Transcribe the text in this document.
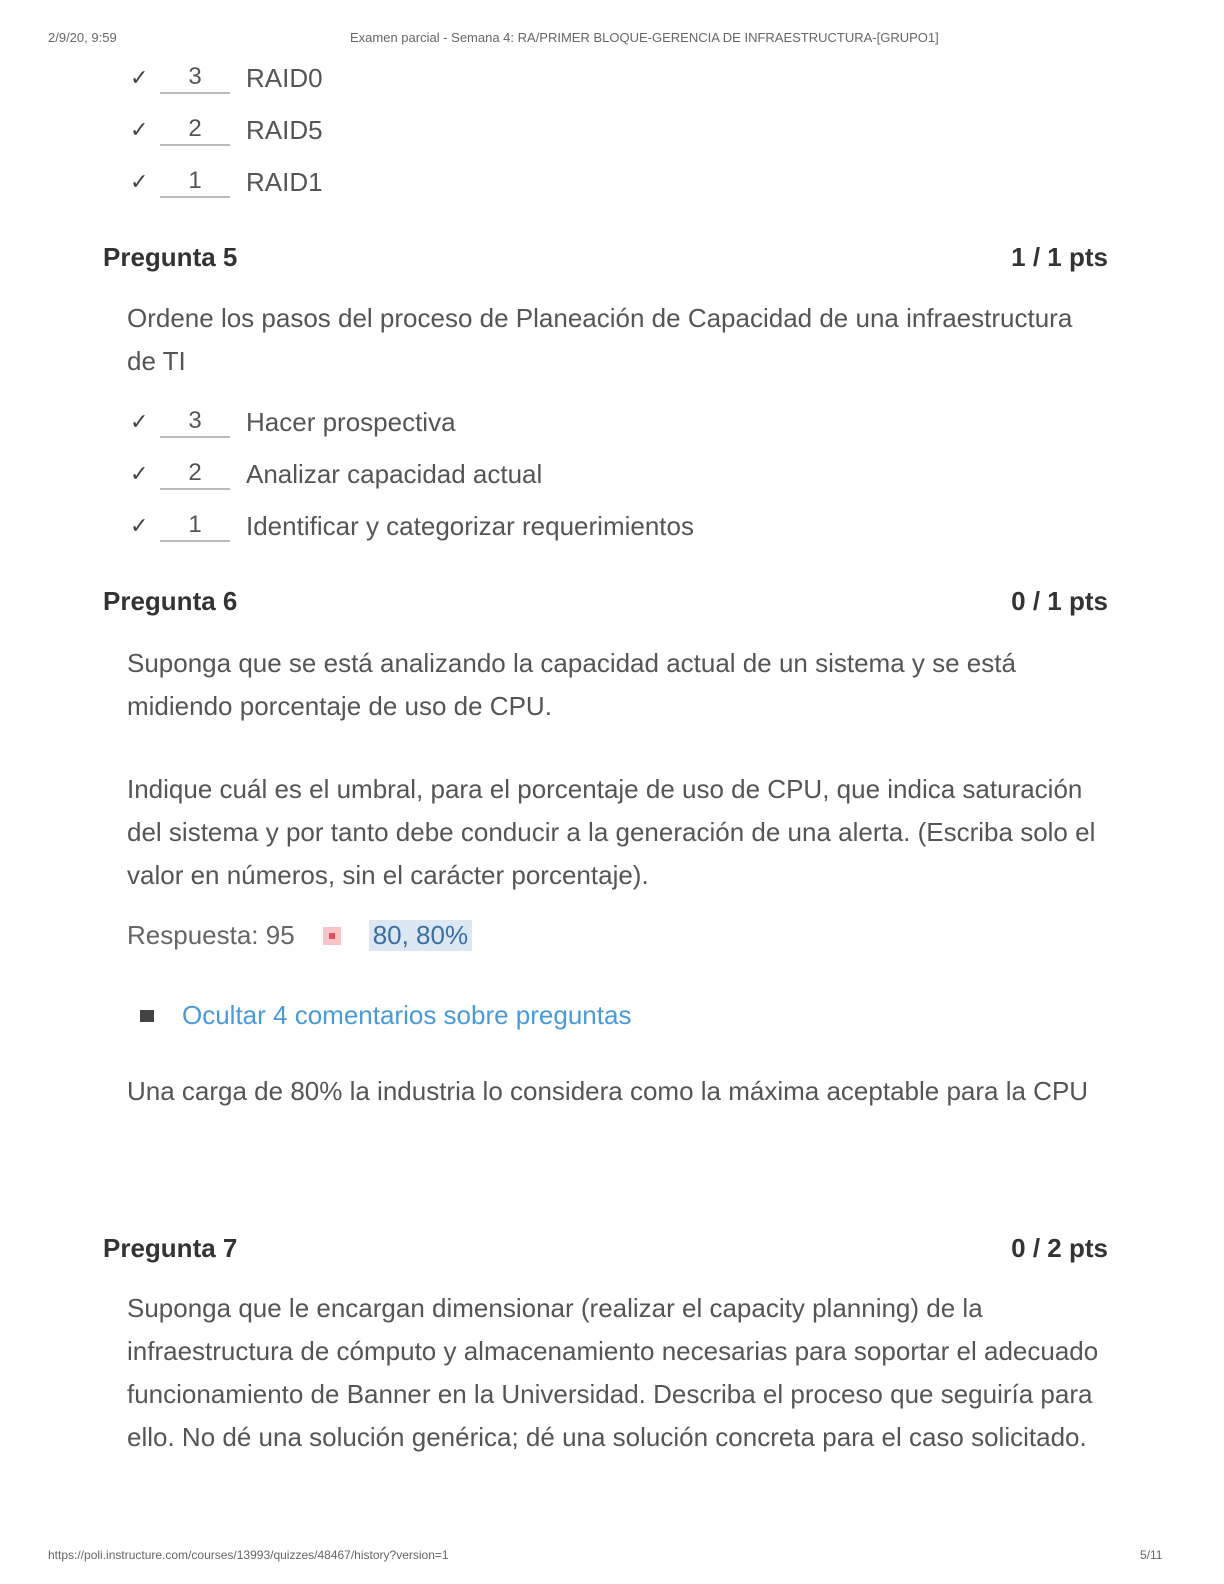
2/9/20, 9:59	Examen parcial - Semana 4: RA/PRIMER BLOQUE-GERENCIA DE INFRAESTRUCTURA-[GRUPO1]
✓	3	RAID0
✓	2	RAID5
✓	1	RAID1
Pregunta 5	1 / 1 pts
Ordene los pasos del proceso de Planeación de Capacidad de una infraestructura de TI
✓	3	Hacer prospectiva
✓	2	Analizar capacidad actual
✓	1	Identificar y categorizar requerimientos
Pregunta 6	0 / 1 pts
Suponga que se está analizando la capacidad actual de un sistema y se está midiendo porcentaje de uso de CPU.
Indique cuál es el umbral, para el porcentaje de uso de CPU, que indica saturación del sistema y por tanto debe conducir a la generación de una alerta. (Escriba solo el valor en números, sin el carácter porcentaje).
Respuesta:
95	80, 80%
Ocultar 4 comentarios sobre preguntas
Una carga de 80% la industria lo considera como la máxima aceptable para la CPU
Pregunta 7	0 / 2 pts
Suponga que le encargan dimensionar (realizar el capacity planning) de la infraestructura de cómputo y almacenamiento necesarias para soportar el adecuado funcionamiento de Banner en la Universidad. Describa el proceso que seguiría para ello. No dé una solución genérica; dé una solución concreta para el caso solicitado.
https://poli.instructure.com/courses/13993/quizzes/48467/history?version=1	5/11
